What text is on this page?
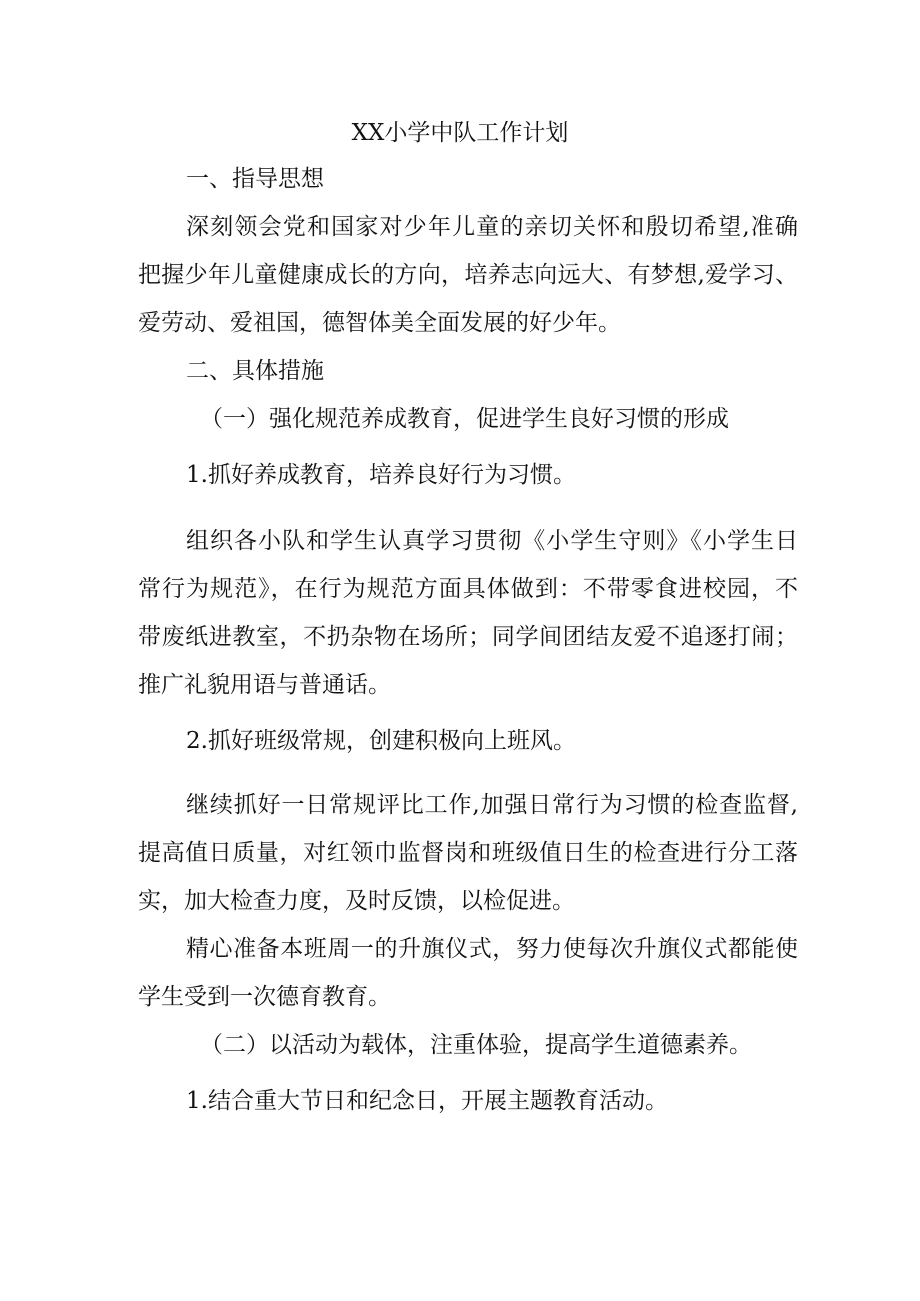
XX小学中队工作计划
一、指导思想
深刻领会党和国家对少年儿童的亲切关怀和殷切希望,准确
把握少年儿童健康成长的方向，培养志向远大、有梦想,爱学习、
爱劳动、爱祖国，德智体美全面发展的好少年。
二、具体措施
（一）强化规范养成教育，促进学生良好习惯的形成
1.抓好养成教育，培养良好行为习惯。
组织各小队和学生认真学习贯彻《小学生守则》《小学生日
常行为规范》，在行为规范方面具体做到：不带零食进校园，不
带废纸进教室，不扔杂物在场所；同学间团结友爱不追逐打闹；
推广礼貌用语与普通话。
2.抓好班级常规，创建积极向上班风。
继续抓好一日常规评比工作,加强日常行为习惯的检查监督,
提高值日质量，对红领巾监督岗和班级值日生的检查进行分工落
实，加大检查力度，及时反馈，以检促进。
精心准备本班周一的升旗仪式，努力使每次升旗仪式都能使
学生受到一次德育教育。
（二）以活动为载体，注重体验，提高学生道德素养。
1.结合重大节日和纪念日，开展主题教育活动。
